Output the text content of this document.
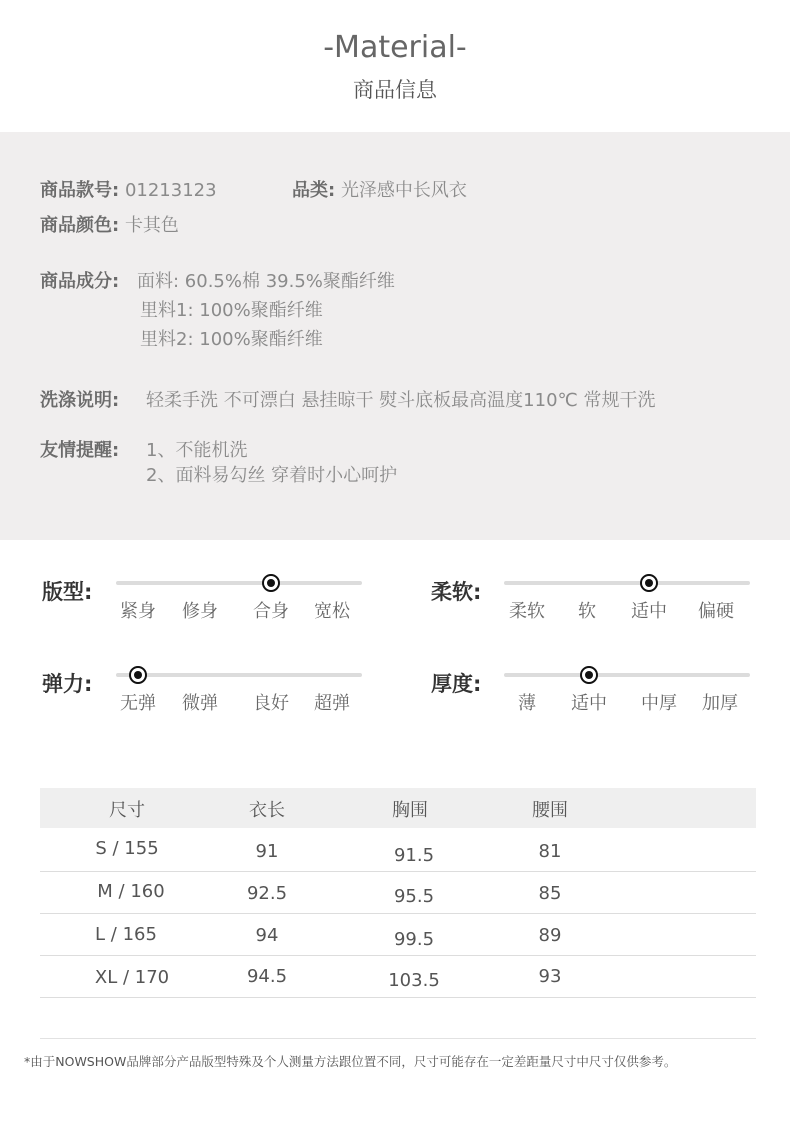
-Material-
商品信息
商品款号: 01213123	品类: 光泽感中长风衣
商品颜色: 卡其色
商品成分: 面料: 60.5%棉 39.5%聚酯纤维
里料1: 100%聚酯纤维
里料2: 100%聚酯纤维
洗涤说明: 轻柔手洗 不可漂白 悬挂晾干 熨斗底板最高温度110℃ 常规干洗
友情提醒: 1、不能机洗
2、面料易勾丝 穿着时小心呵护
版型:
紧身 修身 合身 宽松
柔软:
柔软 软 适中 偏硬
弹力:
无弹 微弹 良好 超弹
厚度:
薄 适中 中厚 加厚
尺寸	衣长	胸围	腰围
S / 155	91	91.5	81
M / 160	92.5	95.5	85
L / 165	94	99.5	89
XL / 170	94.5	103.5	93
*由于NOWSHOW品牌部分产品版型特殊及个人测量方法跟位置不同，尺寸可能存在一定差距量尺寸中尺寸仅供参考。
